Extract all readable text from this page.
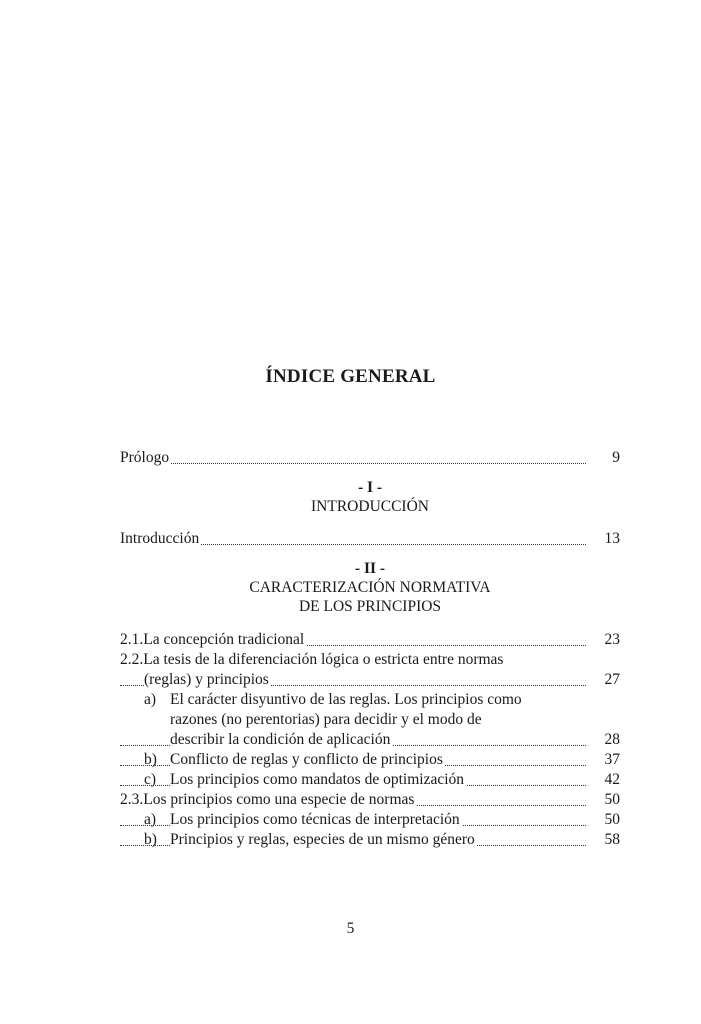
ÍNDICE GENERAL
Prólogo	9
- I -
INTRODUCCIÓN
Introducción	13
- II -
CARACTERIZACIÓN NORMATIVA
DE LOS PRINCIPIOS
2.1.La concepción tradicional	23
2.2.La tesis de la diferenciación lógica o estricta entre normas
(reglas) y principios	27
a) El carácter disyuntivo de las reglas. Los principios como
razones (no perentorias) para decidir y el modo de
describir la condición de aplicación	28
b) Conflicto de reglas y conflicto de principios	37
c) Los principios como mandatos de optimización	42
2.3.Los principios como una especie de normas	50
a) Los principios como técnicas de interpretación	50
b) Principios y reglas, especies de un mismo género	58
5
